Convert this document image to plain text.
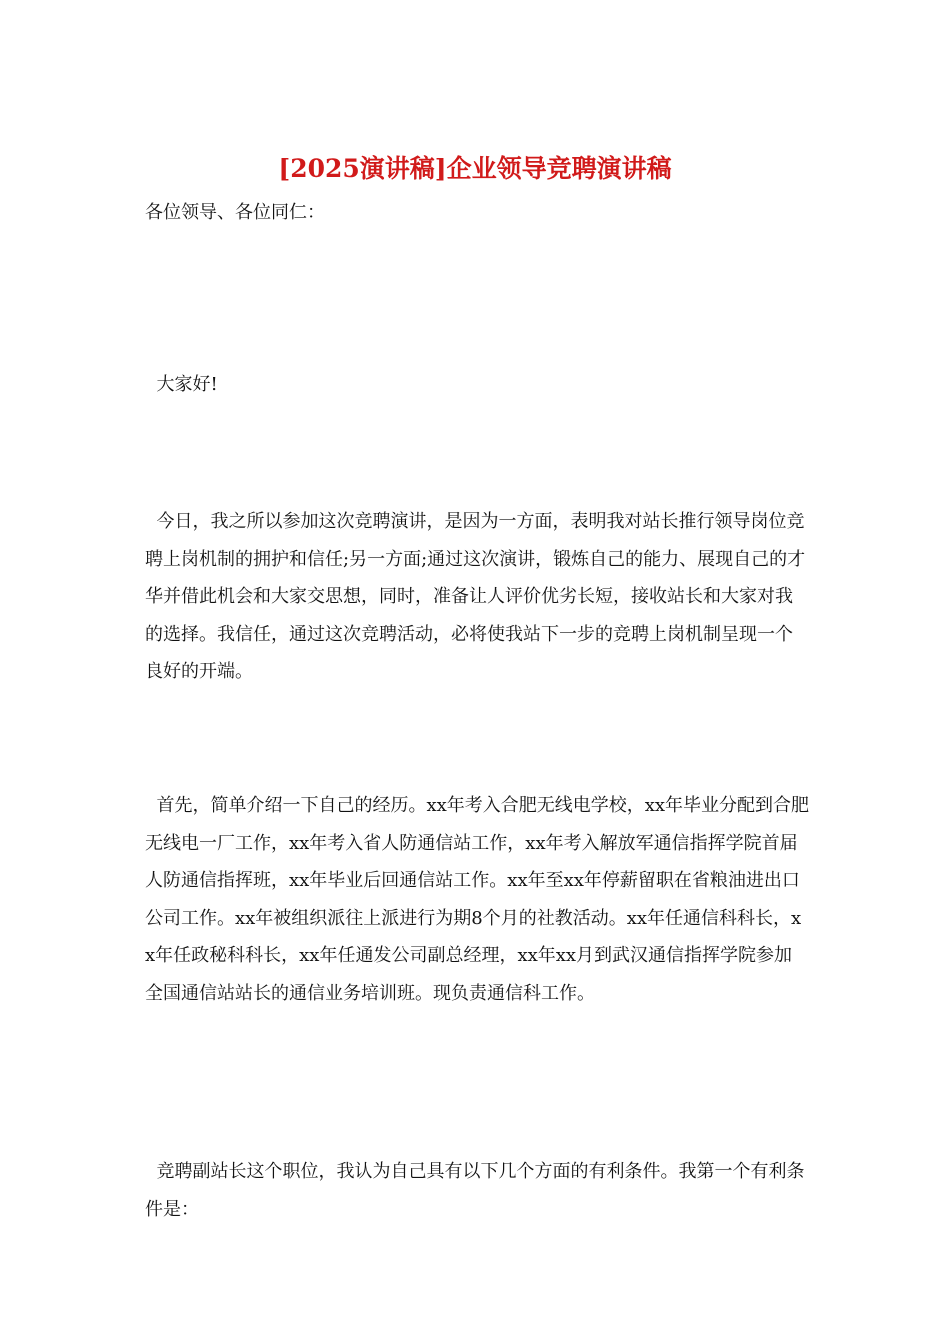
[2025演讲稿]企业领导竞聘演讲稿

各位领导、各位同仁：

大家好!

今日，我之所以参加这次竞聘演讲，是因为一方面，表明我对站长推行领导岗位竞聘上岗机制的拥护和信任;另一方面;通过这次演讲，锻炼自己的能力、展现自己的才华并借此机会和大家交思想，同时，准备让人评价优劣长短，接收站长和大家对我的选择。我信任，通过这次竞聘活动，必将使我站下一步的竞聘上岗机制呈现一个良好的开端。

首先，简单介绍一下自己的经历。xx年考入合肥无线电学校，xx年毕业分配到合肥无线电一厂工作，xx年考入省人防通信站工作，xx年考入解放军通信指挥学院首届人防通信指挥班，xx年毕业后回通信站工作。xx年至xx年停薪留职在省粮油进出口公司工作。xx年被组织派往上派进行为期8个月的社教活动。xx年任通信科科长，xx年任政秘科科长，xx年任通发公司副总经理，xx年xx月到武汉通信指挥学院参加全国通信站站长的通信业务培训班。现负责通信科工作。

竞聘副站长这个职位，我认为自己具有以下几个方面的有利条件。我第一个有利条件是：
